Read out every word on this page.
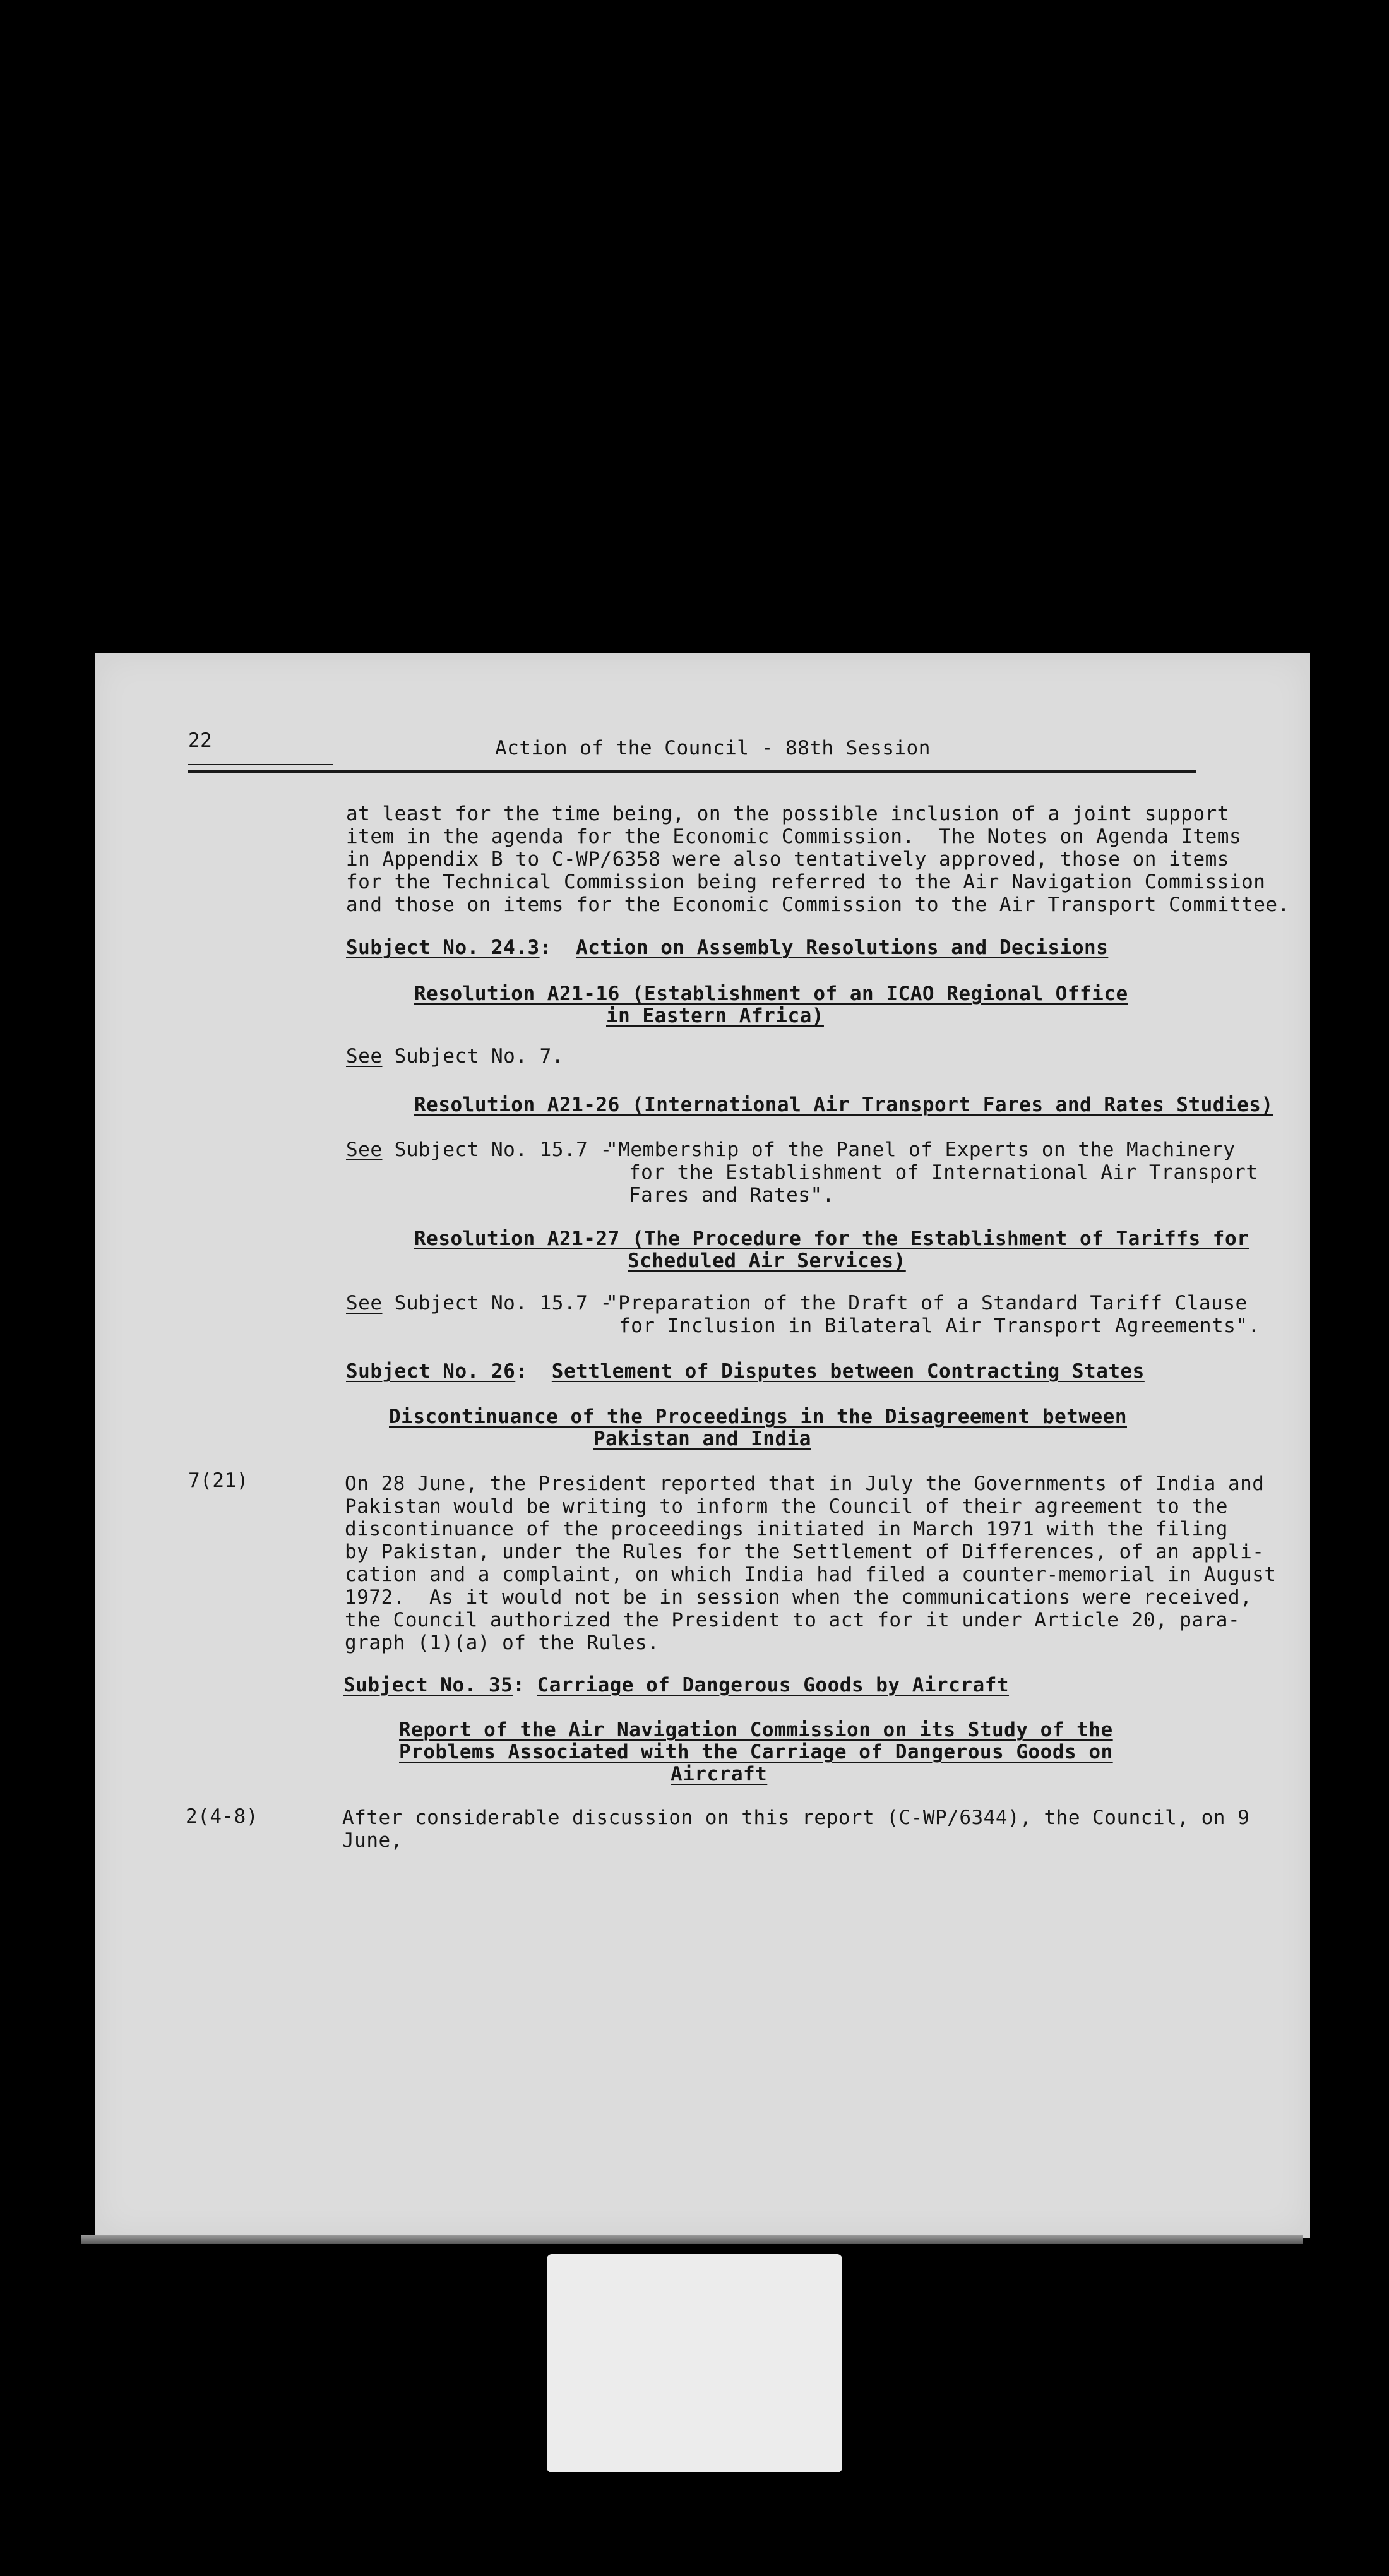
22	Action of the Council - 88th Session
at least for the time being, on the possible inclusion of a joint support
item in the agenda for the Economic Commission.  The Notes on Agenda Items
in Appendix B to C-WP/6358 were also tentatively approved, those on items
for the Technical Commission being referred to the Air Navigation Commission
and those on items for the Economic Commission to the Air Transport Committee.
Subject No. 24.3: Action on Assembly Resolutions and Decisions
Resolution A21-16 (Establishment of an ICAO Regional Office
in Eastern Africa)
See Subject No. 7.
Resolution A21-26 (International Air Transport Fares and Rates Studies)
See Subject No. 15.7 -
"Membership of the Panel of Experts on the Machinery
for the Establishment of International Air Transport
Fares and Rates".
Resolution A21-27 (The Procedure for the Establishment of Tariffs for
Scheduled Air Services)
See Subject No. 15.7 -
"Preparation of the Draft of a Standard Tariff Clause
for Inclusion in Bilateral Air Transport Agreements".
Subject No. 26: Settlement of Disputes between Contracting States
Discontinuance of the Proceedings in the Disagreement between
Pakistan and India
7(21)	On 28 June, the President reported that in July the Governments of India and
Pakistan would be writing to inform the Council of their agreement to the
discontinuance of the proceedings initiated in March 1971 with the filing
by Pakistan, under the Rules for the Settlement of Differences, of an appli-
cation and a complaint, on which India had filed a counter-memorial in August
1972.  As it would not be in session when the communications were received,
the Council authorized the President to act for it under Article 20, para-
graph (1)(a) of the Rules.
Subject No. 35: Carriage of Dangerous Goods by Aircraft
Report of the Air Navigation Commission on its Study of the
Problems Associated with the Carriage of Dangerous Goods on
Aircraft
2(4-8)	After considerable discussion on this report (C-WP/6344), the Council, on 9
June,
